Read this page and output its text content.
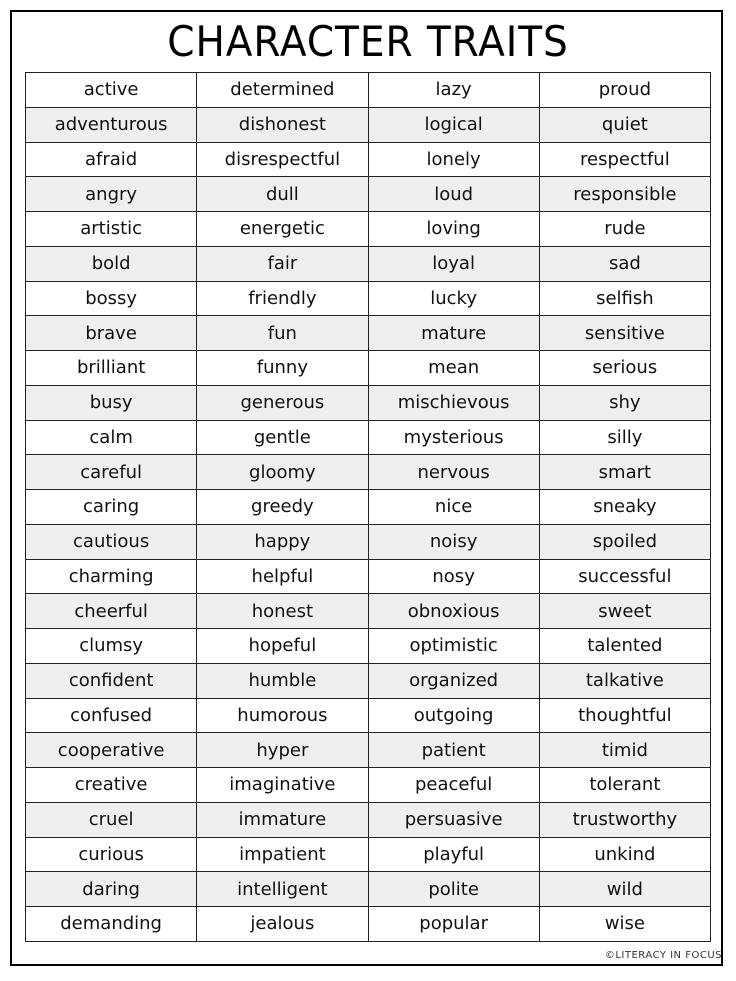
CHARACTER TRAITS
active	determined	lazy	proud
adventurous	dishonest	logical	quiet
afraid	disrespectful	lonely	respectful
angry	dull	loud	responsible
artistic	energetic	loving	rude
bold	fair	loyal	sad
bossy	friendly	lucky	selfish
brave	fun	mature	sensitive
brilliant	funny	mean	serious
busy	generous	mischievous	shy
calm	gentle	mysterious	silly
careful	gloomy	nervous	smart
caring	greedy	nice	sneaky
cautious	happy	noisy	spoiled
charming	helpful	nosy	successful
cheerful	honest	obnoxious	sweet
clumsy	hopeful	optimistic	talented
confident	humble	organized	talkative
confused	humorous	outgoing	thoughtful
cooperative	hyper	patient	timid
creative	imaginative	peaceful	tolerant
cruel	immature	persuasive	trustworthy
curious	impatient	playful	unkind
daring	intelligent	polite	wild
demanding	jealous	popular	wise
©LITERACY IN FOCUS
